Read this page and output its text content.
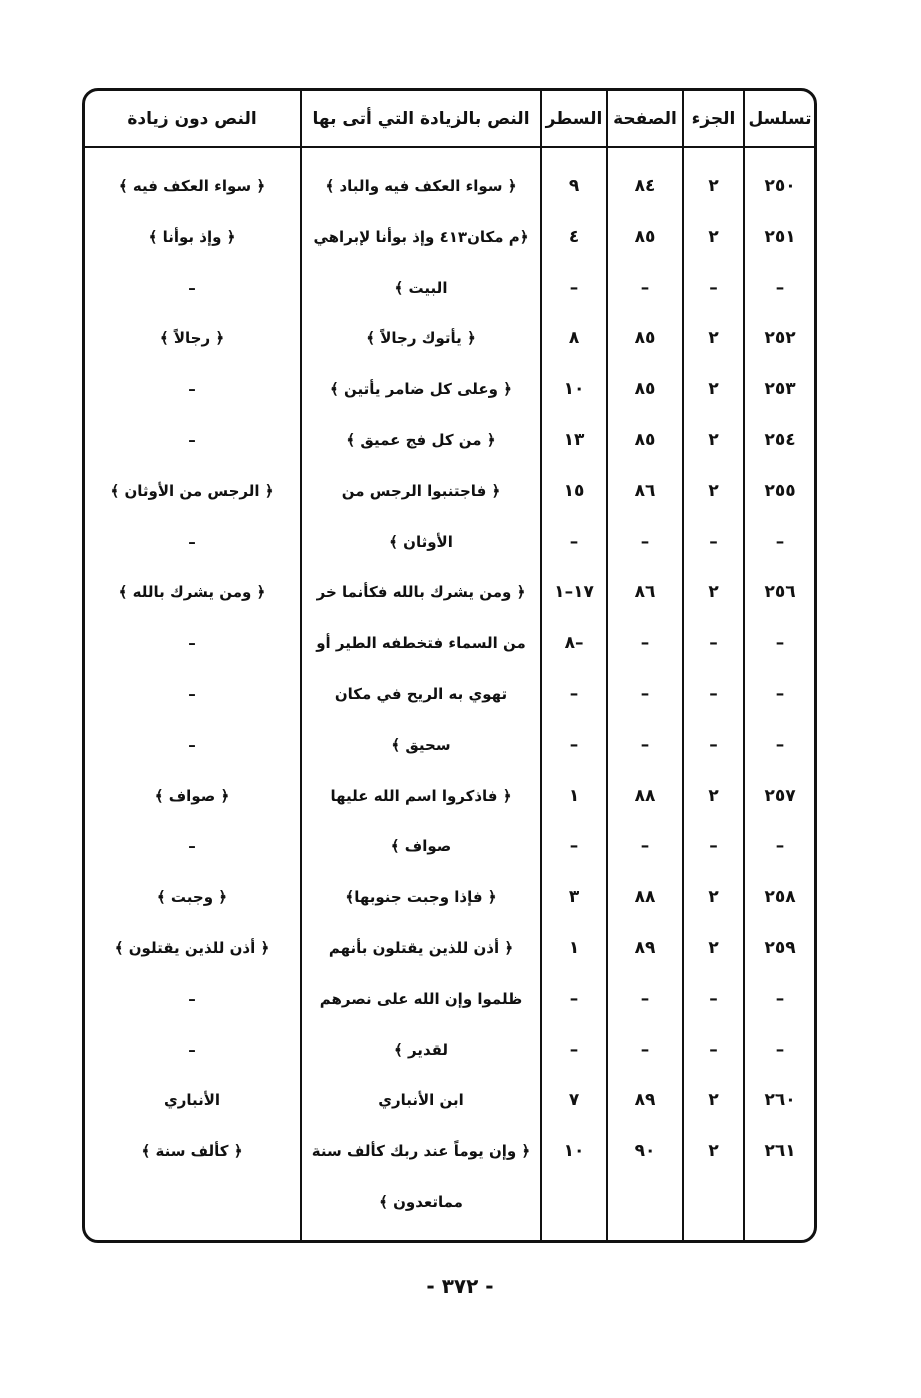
تسلسل
الجزء
الصفحة
السطر
النص بالزيادة التي أتى بها
النص دون زيادة
٢٥٠
٢
٨٤
٩
﴿ سواء العكف فيه والباد ﴾
﴿ سواء العكف فيه ﴾
٢٥١
٢
٨٥
٤
﴿م مكان٤١٣ وإذ بوأنا لإبراهي
﴿ وإذ بوأنا ﴾
–
–
–
–
البيت ﴾
–
٢٥٢
٢
٨٥
٨
﴿ يأتوك رجالاً ﴾
﴿ رجالاً ﴾
٢٥٣
٢
٨٥
١٠
﴿ وعلى كل ضامر يأتين ﴾
–
٢٥٤
٢
٨٥
١٣
﴿ من كل فج عميق ﴾
–
٢٥٥
٢
٨٦
١٥
﴿ فاجتنبوا الرجس من
﴿ الرجس من الأوثان ﴾
–
–
–
–
الأوثان ﴾
–
٢٥٦
٢
٨٦
١٧–١
﴿ ومن يشرك بالله فكأنما خر
﴿ ومن يشرك بالله ﴾
–
–
–
–٨
من السماء فتخطفه الطير أو
–
–
–
–
–
تهوي به الريح في مكان
–
–
–
–
–
سحيق ﴾
–
٢٥٧
٢
٨٨
١
﴿ فاذكروا اسم الله عليها
﴿ صواف ﴾
–
–
–
–
صواف ﴾
–
٢٥٨
٢
٨٨
٣
﴿ فإذا وجبت جنوبها﴾
﴿ وجبت ﴾
٢٥٩
٢
٨٩
١
﴿ أذن للذين يقتلون بأنهم
﴿ أذن للذين يقتلون ﴾
–
–
–
–
ظلموا وإن الله على نصرهم
–
–
–
–
–
لقدير ﴾
–
٢٦٠
٢
٨٩
٧
ابن الأنباري
الأنباري
٢٦١
٢
٩٠
١٠
﴿ وإن يوماً عند ربك كألف سنة
﴿ كألف سنة ﴾
مماتعدون ﴾
- ٣٧٢ -
